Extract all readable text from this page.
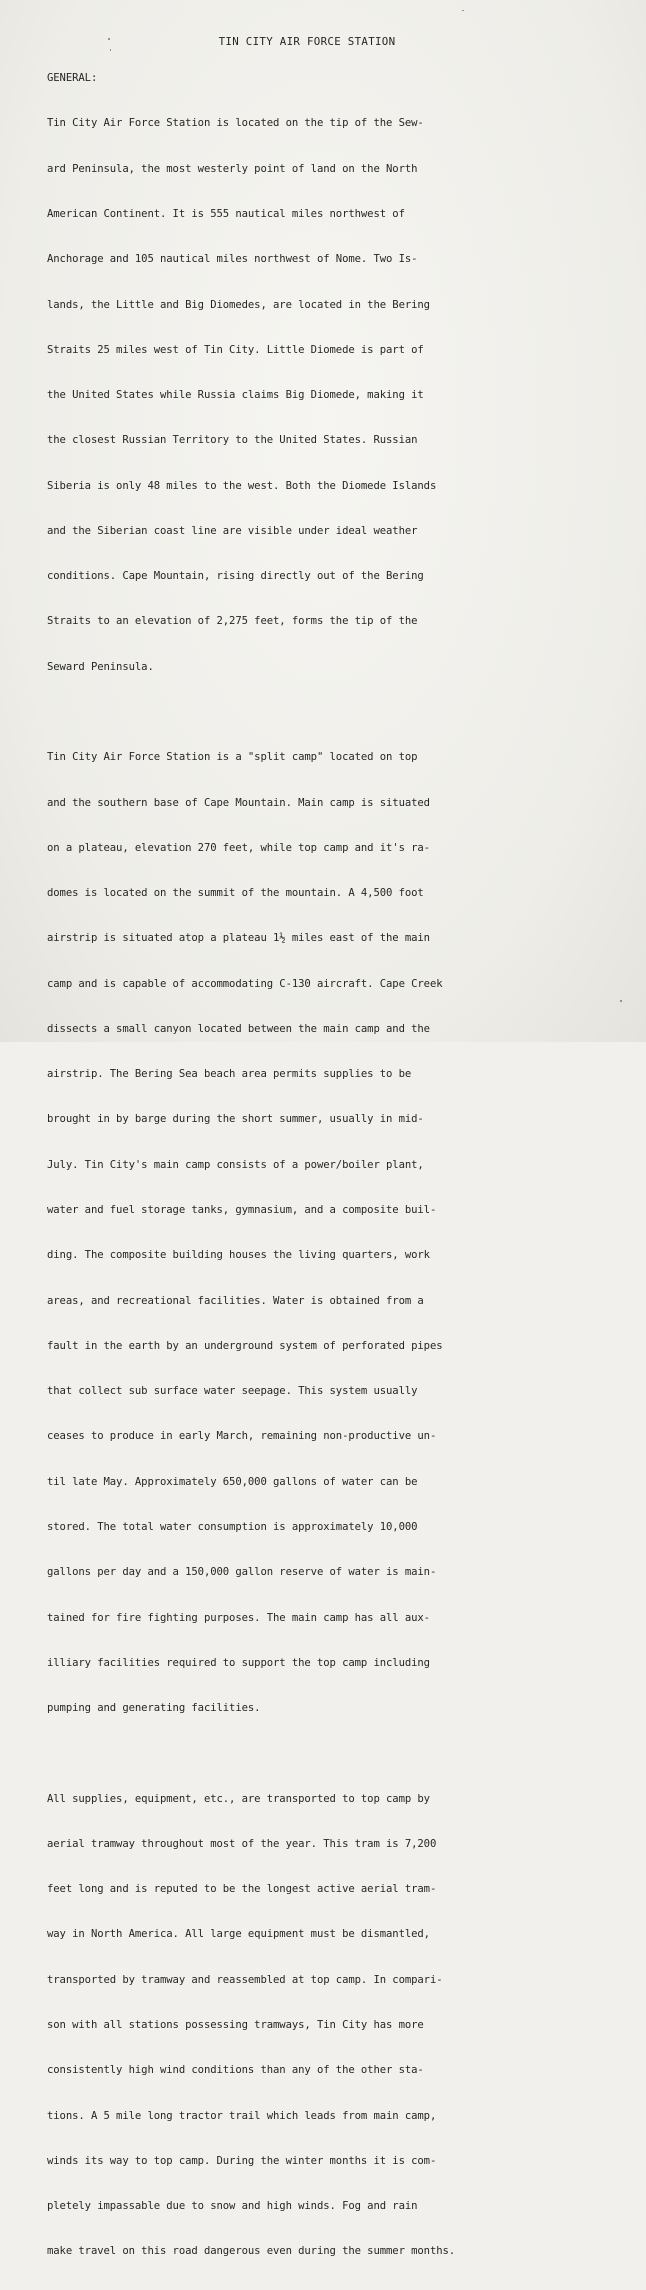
TIN CITY AIR FORCE STATION
GENERAL:

Tin City Air Force Station is located on the tip of the Sew-

ard Peninsula, the most westerly point of land on the North

American Continent. It is 555 nautical miles northwest of

Anchorage and 105 nautical miles northwest of Nome. Two Is-

lands, the Little and Big Diomedes, are located in the Bering

Straits 25 miles west of Tin City. Little Diomede is part of

the United States while Russia claims Big Diomede, making it

the closest Russian Territory to the United States. Russian

Siberia is only 48 miles to the west. Both the Diomede Islands

and the Siberian coast line are visible under ideal weather

conditions. Cape Mountain, rising directly out of the Bering

Straits to an elevation of 2,275 feet, forms the tip of the

Seward Peninsula.

Tin City Air Force Station is a "split camp" located on top

and the southern base of Cape Mountain. Main camp is situated

on a plateau, elevation 270 feet, while top camp and it's ra-

domes is located on the summit of the mountain. A 4,500 foot

airstrip is situated atop a plateau 1½ miles east of the main

camp and is capable of accommodating C-130 aircraft. Cape Creek

dissects a small canyon located between the main camp and the

airstrip. The Bering Sea beach area permits supplies to be

brought in by barge during the short summer, usually in mid-

July. Tin City's main camp consists of a power/boiler plant,

water and fuel storage tanks, gymnasium, and a composite buil-

ding. The composite building houses the living quarters, work

areas, and recreational facilities. Water is obtained from a

fault in the earth by an underground system of perforated pipes

that collect sub surface water seepage. This system usually

ceases to produce in early March, remaining non-productive un-

til late May. Approximately 650,000 gallons of water can be

stored. The total water consumption is approximately 10,000

gallons per day and a 150,000 gallon reserve of water is main-

tained for fire fighting purposes. The main camp has all aux-

illiary facilities required to support the top camp including

pumping and generating facilities.

All supplies, equipment, etc., are transported to top camp by

aerial tramway throughout most of the year. This tram is 7,200

feet long and is reputed to be the longest active aerial tram-

way in North America. All large equipment must be dismantled,

transported by tramway and reassembled at top camp. In compari-

son with all stations possessing tramways, Tin City has more

consistently high wind conditions than any of the other sta-

tions. A 5 mile long tractor trail which leads from main camp,

winds its way to top camp. During the winter months it is com-

pletely impassable due to snow and high winds. Fog and rain

make travel on this road dangerous even during the summer months.
